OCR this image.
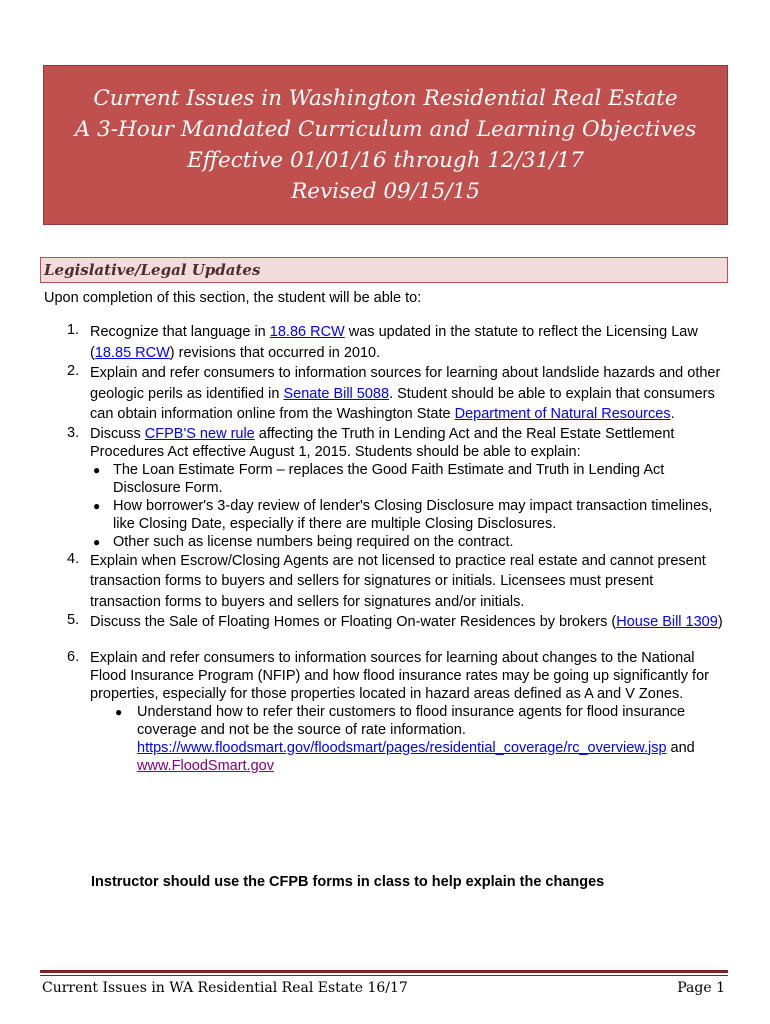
Current Issues in Washington Residential Real Estate
A 3-Hour Mandated Curriculum and Learning Objectives
Effective 01/01/16 through 12/31/17
Revised 09/15/15
Legislative/Legal Updates
Upon completion of this section, the student will be able to:
1. Recognize that language in 18.86 RCW was updated in the statute to reflect the Licensing Law (18.85 RCW) revisions that occurred in 2010.

2. Explain and refer consumers to information sources for learning about landslide hazards and other geologic perils as identified in Senate Bill 5088. Student should be able to explain that consumers can obtain information online from the Washington State Department of Natural Resources.

3. Discuss CFPB'S new rule affecting the Truth in Lending Act and the Real Estate Settlement Procedures Act effective August 1, 2015. Students should be able to explain:

● The Loan Estimate Form – replaces the Good Faith Estimate and Truth in Lending Act Disclosure Form.
● How borrower's 3-day review of lender's Closing Disclosure may impact transaction timelines, like Closing Date, especially if there are multiple Closing Disclosures.
● Other such as license numbers being required on the contract.
4. Explain when Escrow/Closing Agents are not licensed to practice real estate and cannot present transaction forms to buyers and sellers for signatures or initials. Licensees must present transaction forms to buyers and sellers for signatures and/or initials.

5. Discuss the Sale of Floating Homes or Floating On-water Residences by brokers (House Bill 1309)

6. Explain and refer consumers to information sources for learning about changes to the National Flood Insurance Program (NFIP) and how flood insurance rates may be going up significantly for properties, especially for those properties located in hazard areas defined as A and V Zones.

● Understand how to refer their customers to flood insurance agents for flood insurance coverage and not be the source of rate information.
https://www.floodsmart.gov/floodsmart/pages/residential_coverage/rc_overview.jsp and
www.FloodSmart.gov
Instructor should use the CFPB forms in class to help explain the changes
Current Issues in WA Residential Real Estate 16/17	Page 1
